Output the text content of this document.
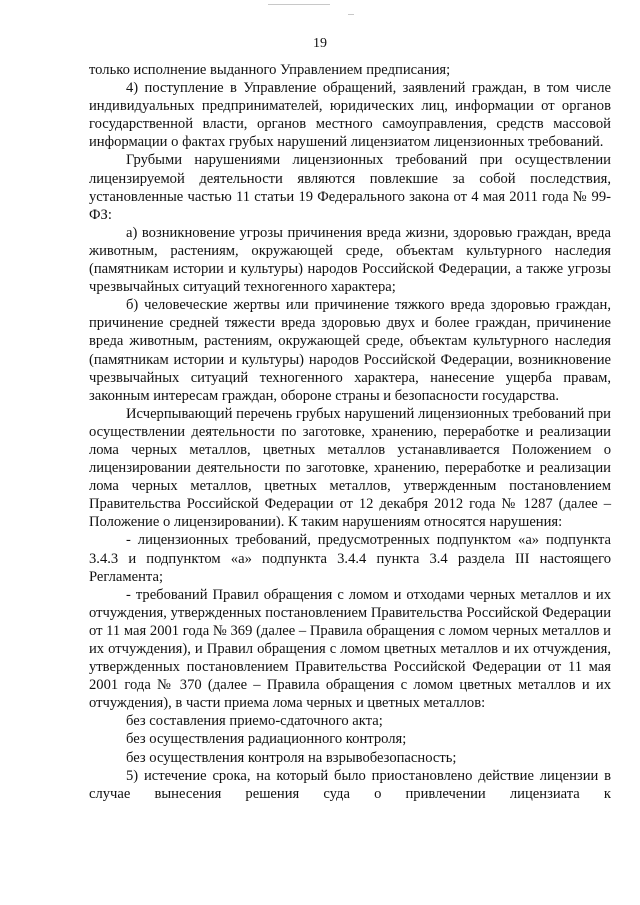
19

только исполнение выданного Управлением предписания;

4) поступление в Управление обращений, заявлений граждан, в том числе индивидуальных предпринимателей, юридических лиц, информации от органов государственной власти, органов местного самоуправления, средств массовой информации о фактах грубых нарушений лицензиатом лицензионных требований.

Грубыми нарушениями лицензионных требований при осуществлении лицензируемой деятельности являются повлекшие за собой последствия, установленные частью 11 статьи 19 Федерального закона от 4 мая 2011 года № 99-ФЗ:

а) возникновение угрозы причинения вреда жизни, здоровью граждан, вреда животным, растениям, окружающей среде, объектам культурного наследия (памятникам истории и культуры) народов Российской Федерации, а также угрозы чрезвычайных ситуаций техногенного характера;

б) человеческие жертвы или причинение тяжкого вреда здоровью граждан, причинение средней тяжести вреда здоровью двух и более граждан, причинение вреда животным, растениям, окружающей среде, объектам культурного наследия (памятникам истории и культуры) народов Российской Федерации, возникновение чрезвычайных ситуаций техногенного характера, нанесение ущерба правам, законным интересам граждан, обороне страны и безопасности государства.

Исчерпывающий перечень грубых нарушений лицензионных требований при осуществлении деятельности по заготовке, хранению, переработке и реализации лома черных металлов, цветных металлов устанавливается Положением о лицензировании деятельности по заготовке, хранению, переработке и реализации лома черных металлов, цветных металлов, утвержденным постановлением Правительства Российской Федерации от 12 декабря 2012 года № 1287 (далее – Положение о лицензировании). К таким нарушениям относятся нарушения:

- лицензионных требований, предусмотренных подпунктом «а» подпункта 3.4.3 и подпунктом «а» подпункта 3.4.4 пункта 3.4 раздела III настоящего Регламента;

- требований Правил обращения с ломом и отходами черных металлов и их отчуждения, утвержденных постановлением Правительства Российской Федерации от 11 мая 2001 года № 369 (далее – Правила обращения с ломом черных металлов и их отчуждения), и Правил обращения с ломом цветных металлов и их отчуждения, утвержденных постановлением Правительства Российской Федерации от 11 мая 2001 года № 370 (далее – Правила обращения с ломом цветных металлов и их отчуждения), в части приема лома черных и цветных металлов:

без составления приемо-сдаточного акта;

без осуществления радиационного контроля;

без осуществления контроля на взрывобезопасность;

5) истечение срока, на который было приостановлено действие лицензии в случае вынесения решения суда о привлечении лицензиата к
